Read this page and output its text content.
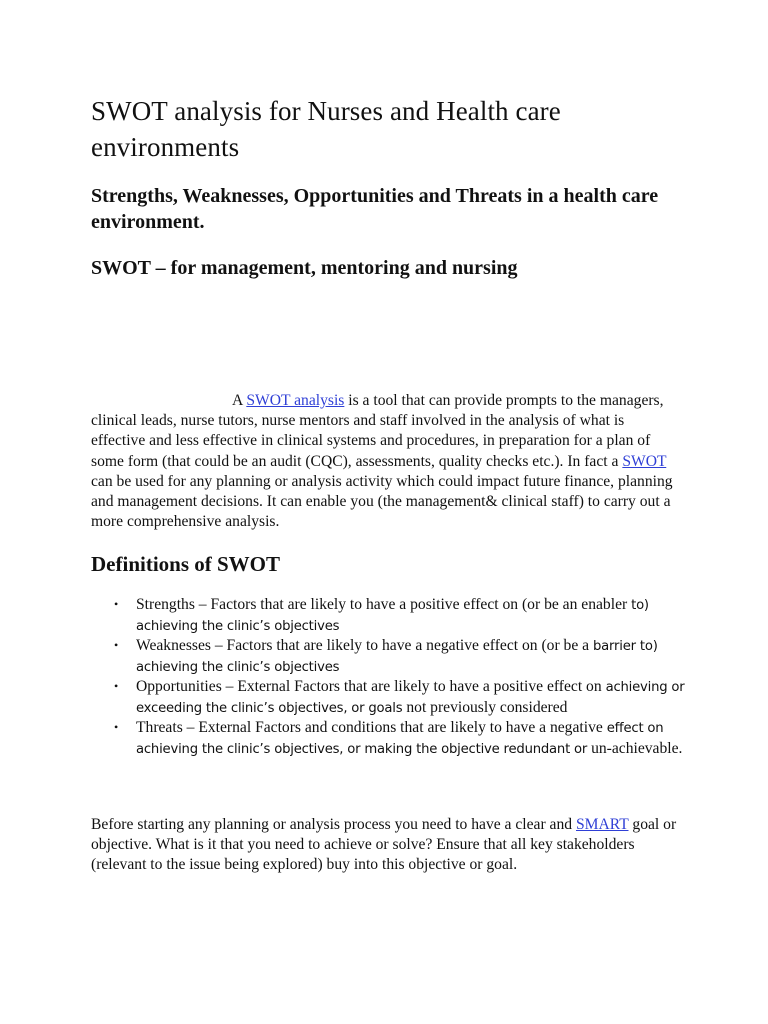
SWOT analysis for Nurses and Health care environments
Strengths, Weaknesses, Opportunities and Threats in a health care environment.
SWOT – for management, mentoring and nursing

A SWOT analysis is a tool that can provide prompts to the managers, clinical leads, nurse tutors, nurse mentors and staff involved in the analysis of what is effective and less effective in clinical systems and procedures, in preparation for a plan of some form (that could be an audit (CQC), assessments, quality checks etc.). In fact a SWOT can be used for any planning or analysis activity which could impact future finance, planning and management decisions. It can enable you (the management& clinical staff) to carry out a more comprehensive analysis.

Definitions of SWOT
• Strengths – Factors that are likely to have a positive effect on (or be an enabler to) achieving the clinic’s objectives
• Weaknesses – Factors that are likely to have a negative effect on (or be a barrier to) achieving the clinic’s objectives
• Opportunities – External Factors that are likely to have a positive effect on achieving or exceeding the clinic’s objectives, or goals not previously considered
• Threats – External Factors and conditions that are likely to have a negative effect on achieving the clinic’s objectives, or making the objective redundant or un-achievable.

Before starting any planning or analysis process you need to have a clear and SMART goal or objective. What is it that you need to achieve or solve? Ensure that all key stakeholders (relevant to the issue being explored) buy into this objective or goal.
